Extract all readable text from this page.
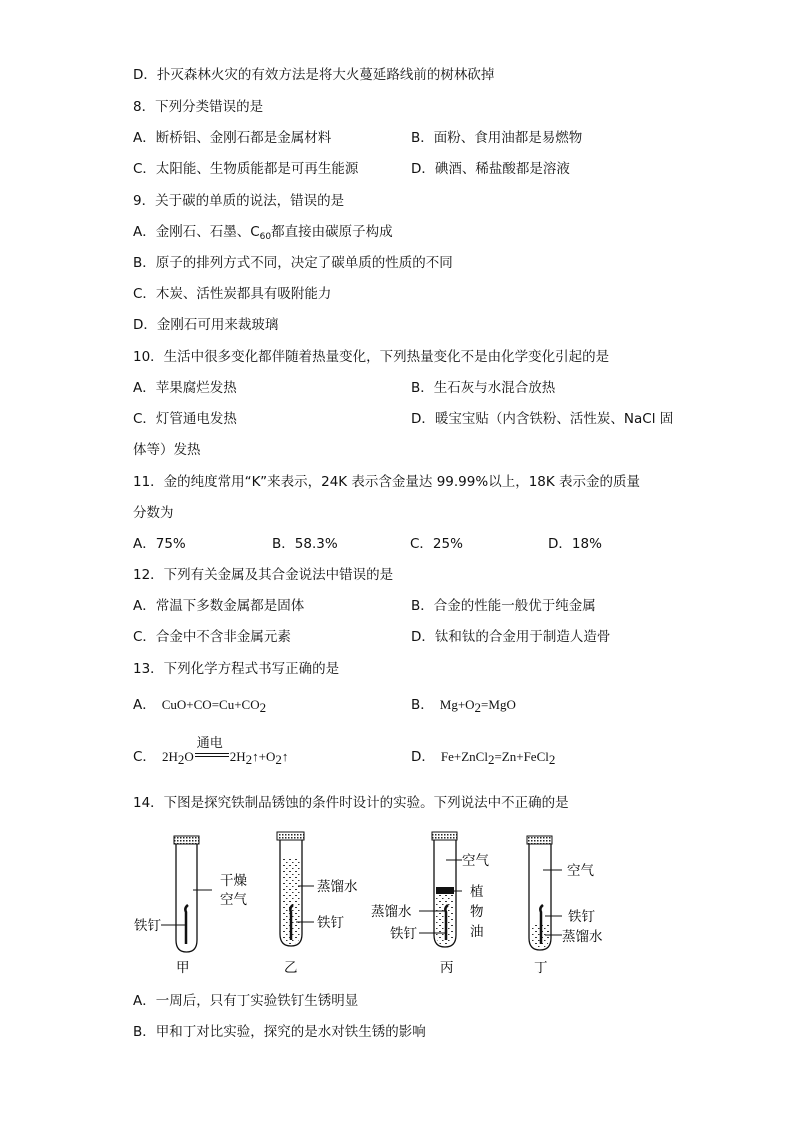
D．扑灭森林火灾的有效方法是将大火蔓延路线前的树林砍掉
8．下列分类错误的是
A．断桥铝、金刚石都是金属材料	B．面粉、食用油都是易燃物
C．太阳能、生物质能都是可再生能源	D．碘酒、稀盐酸都是溶液
9．关于碳的单质的说法，错误的是
A．金刚石、石墨、$C_{60}$都直接由碳原子构成
B．原子的排列方式不同，决定了碳单质的性质的不同
C．木炭、活性炭都具有吸附能力
D．金刚石可用来裁玻璃
10．生活中很多变化都伴随着热量变化，下列热量变化不是由化学变化引起的是
A．苹果腐烂发热	B．生石灰与水混合放热
C．灯管通电发热	D．暖宝宝贴（内含铁粉、活性炭、NaCl 固
体等）发热
11．金的纯度常用“K”来表示，24K 表示含金量达 99.99%以上，18K 表示金的质量
分数为
A．75%	B．58.3%	C．25%	D．18%
12．下列有关金属及其合金说法中错误的是
A．常温下多数金属都是固体	B．合金的性能一般优于纯金属
C．合金中不含非金属元素	D．钛和钛的合金用于制造人造骨
13．下列化学方程式书写正确的是
A． CuO+CO=Cu+CO2	B． Mg+O2=MgO
C． 2H2O
通电
2H2↑+O2↑	D． Fe+ZnCl2=Zn+FeCl2
14．下图是探究铁制品锈蚀的条件时设计的实验。下列说法中不正确的是
铁钉
干燥
空气
甲
蒸馏水
铁钉
乙
空气
植
物
油
蒸馏水
铁钉
丙
空气
铁钉
蒸馏水
丁
A．一周后，只有丁实验铁钉生锈明显
B．甲和丁对比实验，探究的是水对铁生锈的影响
